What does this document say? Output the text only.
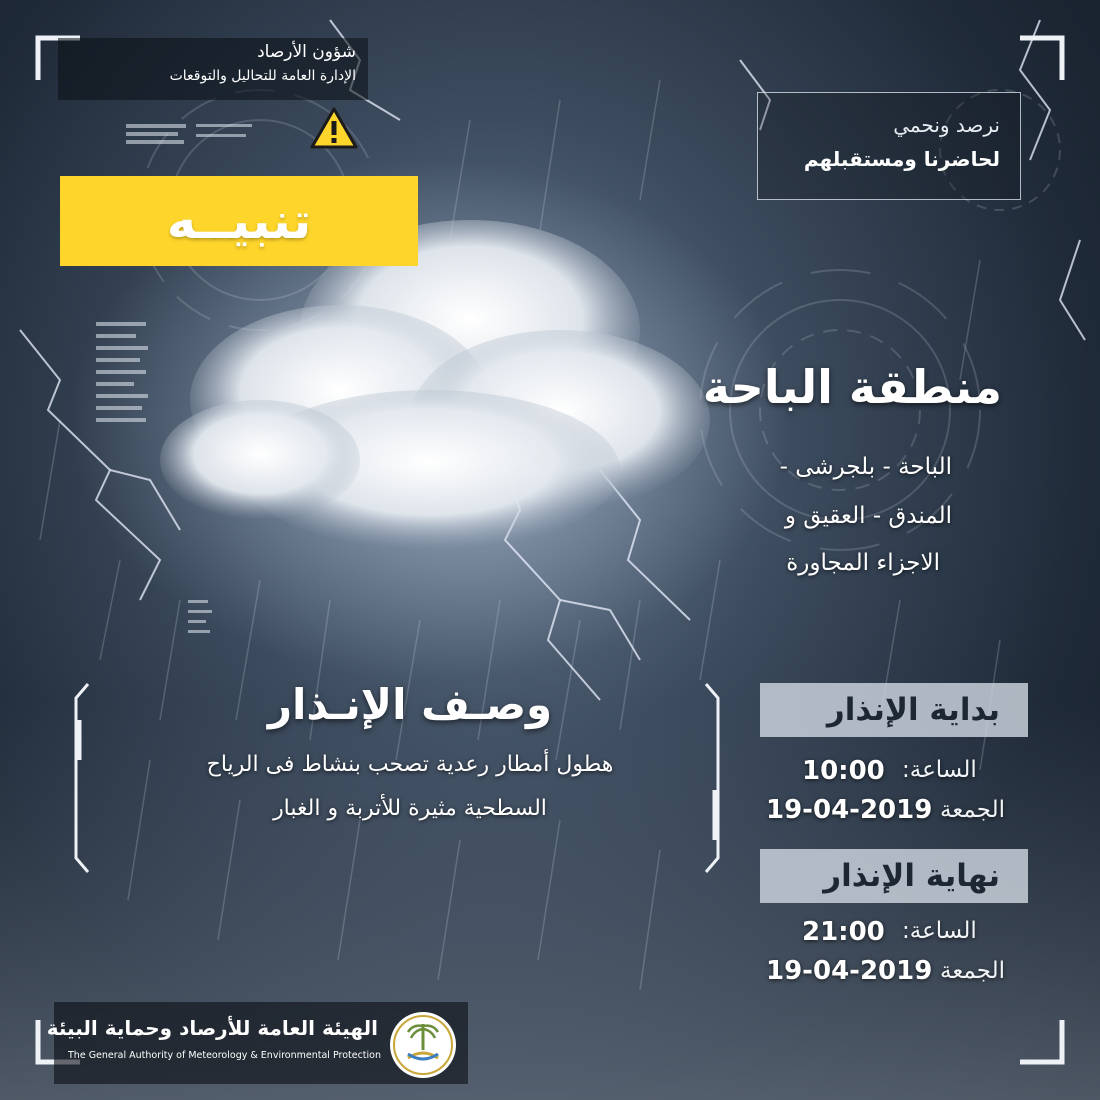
شؤون الأرصاد
الإدارة العامة للتحاليل والتوقعات
نرصد ونحمي
لحاضرنا ومستقبلهم
تنبيــه
منطقة الباحة
الباحة - بلجرشى -
المندق - العقيق و
الاجزاء المجاورة
وصـف الإنـذار
هطول أمطار رعدية تصحب بنشاط فى الرياح
السطحية مثيرة للأتربة و الغبار
بداية الإنذار
الساعة:
10:00
الجمعة
19-04-2019
نهاية الإنذار
الساعة:
21:00
الجمعة
19-04-2019
الهيئة العامة للأرصاد وحماية البيئة
The General Authority of Meteorology & Environmental Protection
